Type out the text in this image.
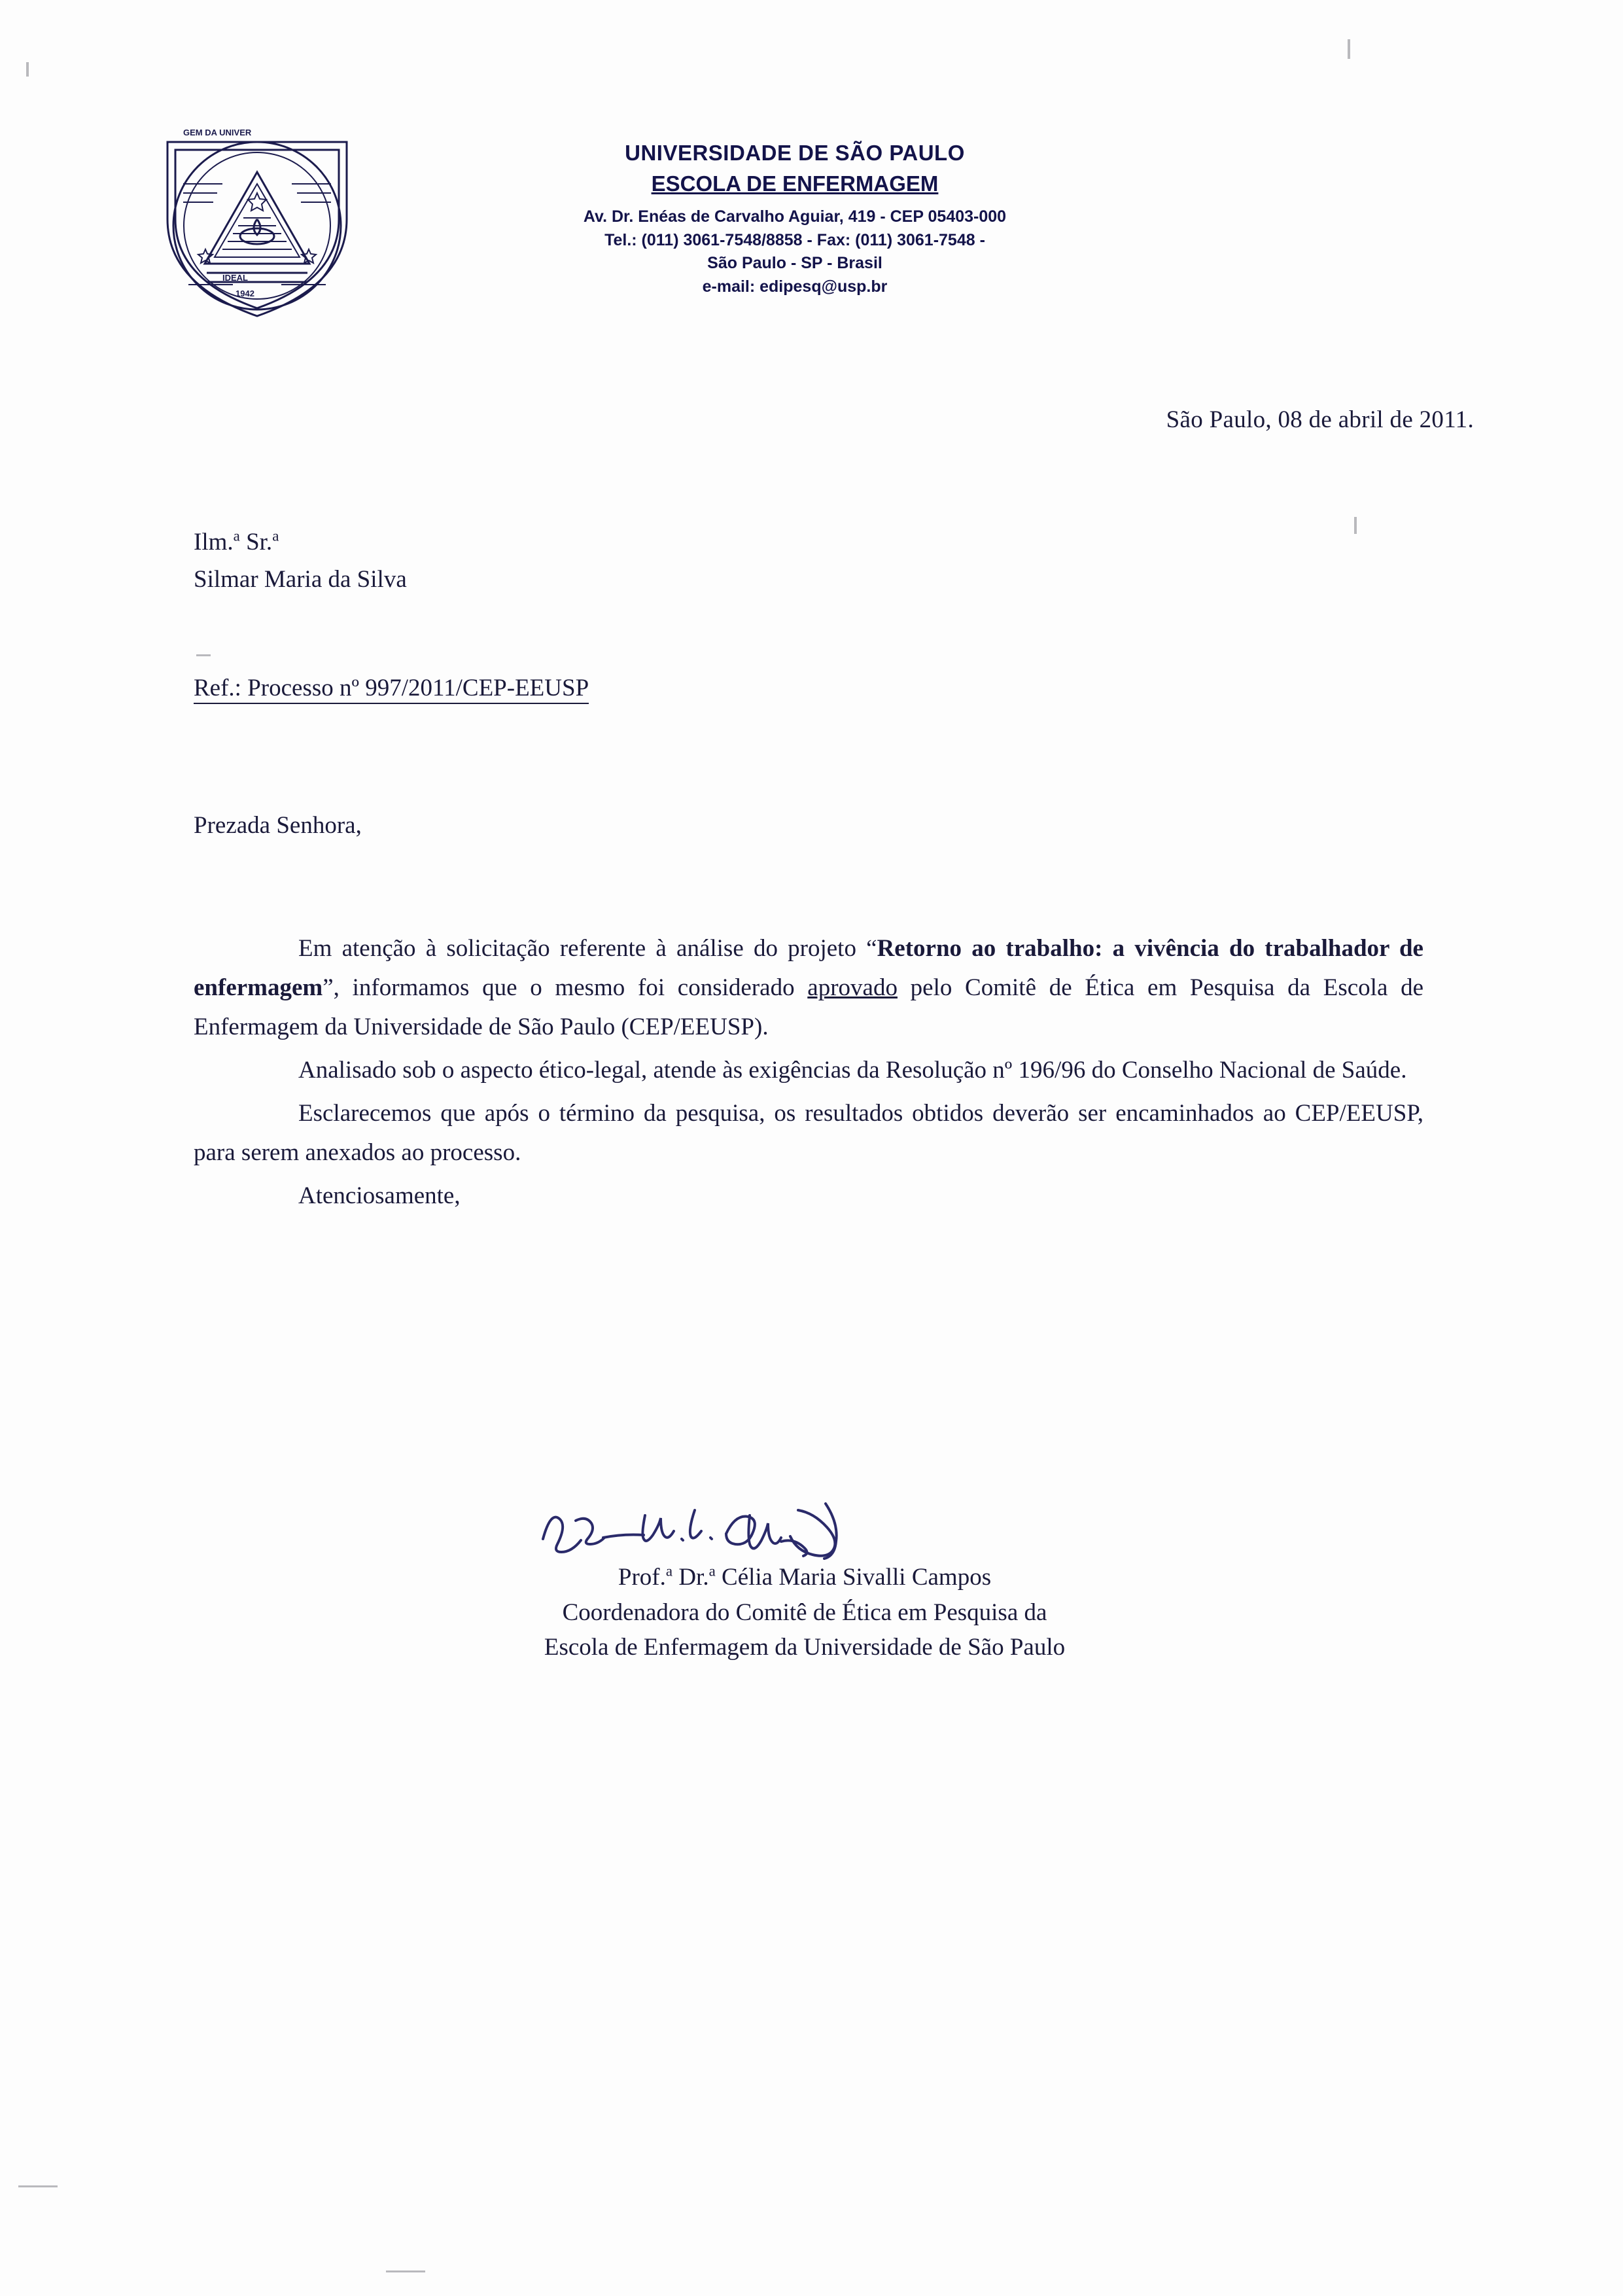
GEM DA UNIVER
IDEAL
1942
UNIVERSIDADE DE SÃO PAULO
ESCOLA DE ENFERMAGEM
Av. Dr. Enéas de Carvalho Aguiar, 419 - CEP 05403-000
Tel.: (011) 3061-7548/8858 - Fax: (011) 3061-7548 -
São Paulo - SP - Brasil
e-mail: edipesq@usp.br
São Paulo, 08 de abril de 2011.
Ilm.$^a$ Sr.$^a$
Silmar Maria da Silva
Ref.: Processo nº 997/2011/CEP-EEUSP
Prezada Senhora,

Em atenção à solicitação referente à análise do projeto “Retorno ao trabalho: a vivência do trabalhador de enfermagem”, informamos que o mesmo foi considerado aprovado pelo Comitê de Ética em Pesquisa da Escola de Enfermagem da Universidade de São Paulo (CEP/EEUSP).

Analisado sob o aspecto ético-legal, atende às exigências da Resolução nº 196/96 do Conselho Nacional de Saúde.

Esclarecemos que após o término da pesquisa, os resultados obtidos deverão ser encaminhados ao CEP/EEUSP, para serem anexados ao processo.

Atenciosamente,

Prof.$^a$ Dr.$^a$ Célia Maria Sivalli Campos
Coordenadora do Comitê de Ética em Pesquisa da
Escola de Enfermagem da Universidade de São Paulo
